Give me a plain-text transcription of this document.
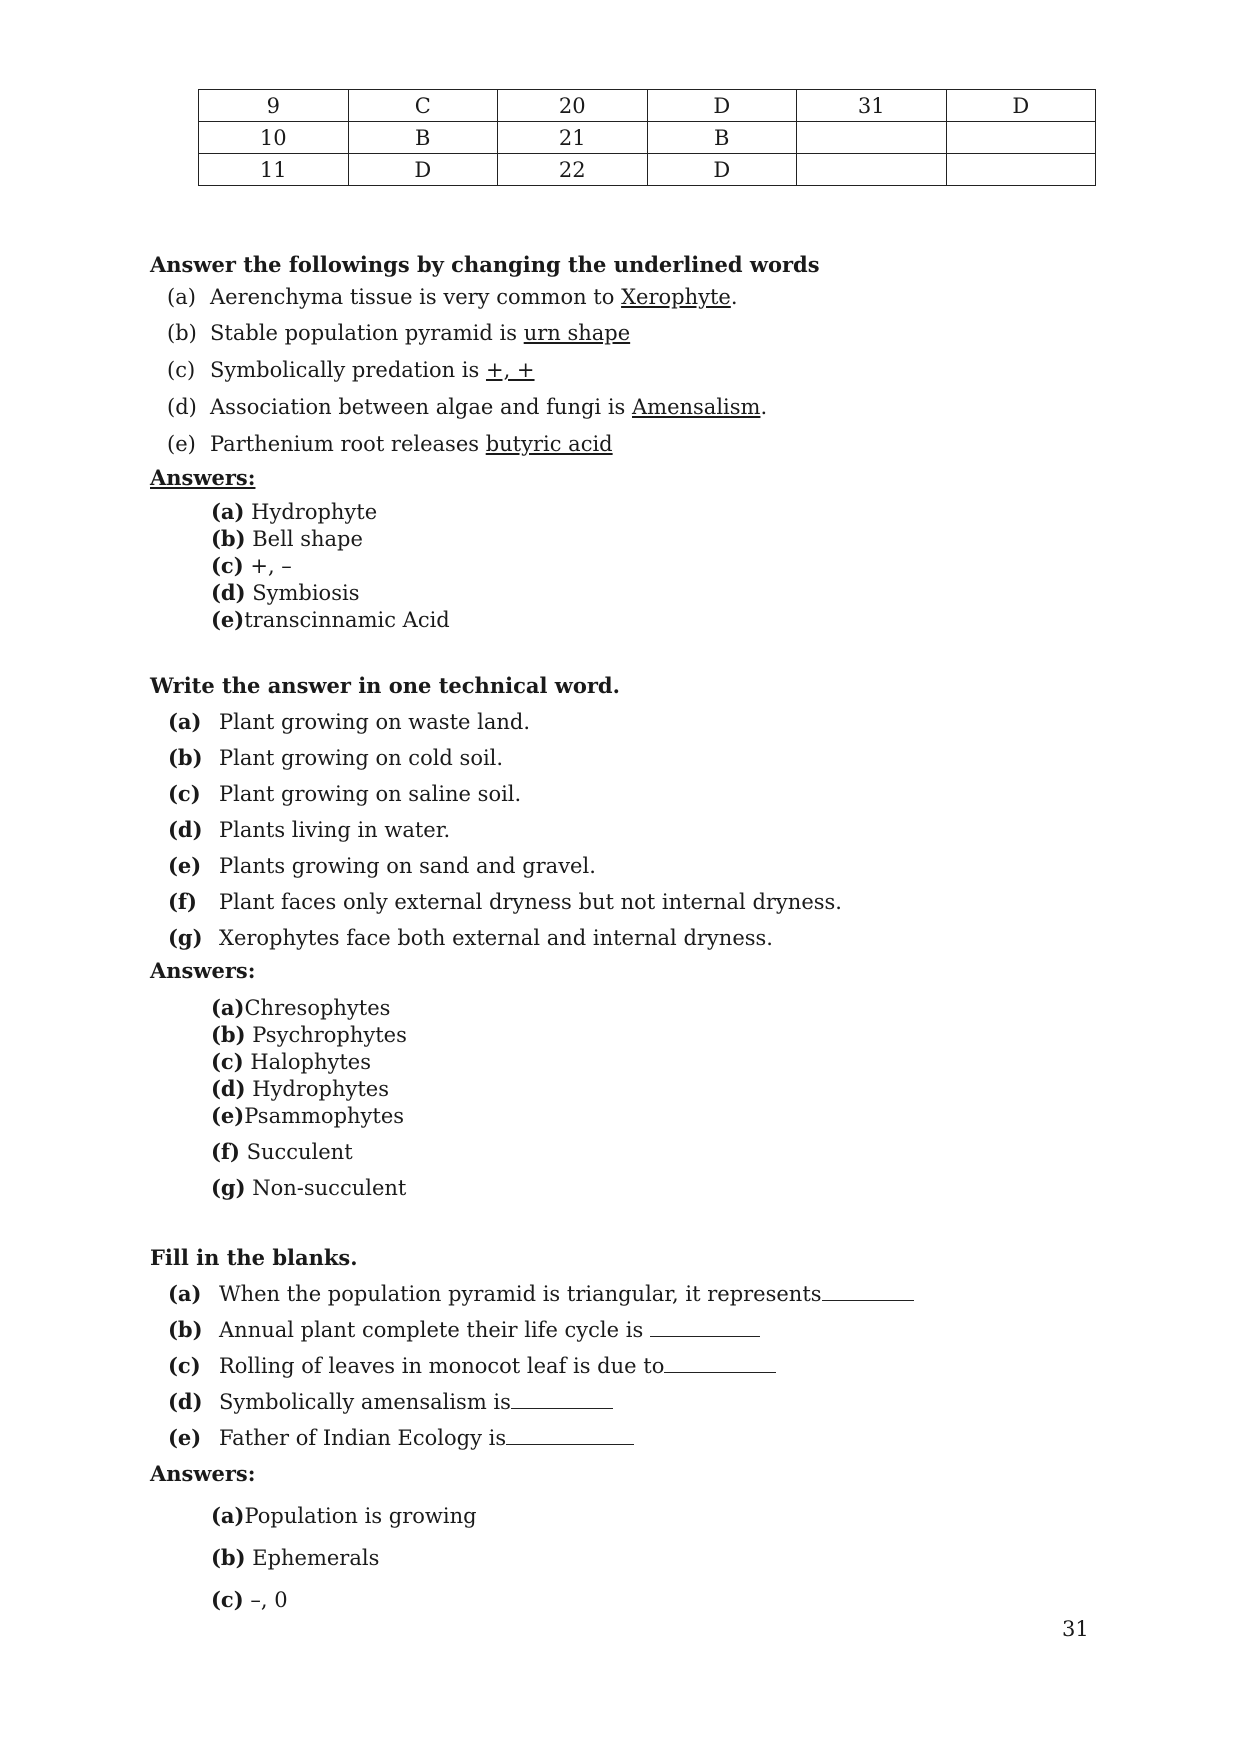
9	C	20	D	31	D
10	B	21	B		
11	D	22	D		
Answer the followings by changing the underlined words
(a) Aerenchyma tissue is very common to Xerophyte.
(b) Stable population pyramid is urn shape
(c) Symbolically predation is +, +
(d) Association between algae and fungi is Amensalism.
(e) Parthenium root releases butyric acid
Answers:
(a) Hydrophyte
(b) Bell shape
(c) +, –
(d) Symbiosis
(e)transcinnamic Acid
Write the answer in one technical word.
(a) Plant growing on waste land.
(b) Plant growing on cold soil.
(c) Plant growing on saline soil.
(d) Plants living in water.
(e) Plants growing on sand and gravel.
(f) Plant faces only external dryness but not internal dryness.
(g) Xerophytes face both external and internal dryness.
Answers:
(a)Chresophytes
(b) Psychrophytes
(c) Halophytes
(d) Hydrophytes
(e)Psammophytes
(f) Succulent
(g) Non-succulent
Fill in the blanks.
(a) When the population pyramid is triangular, it represents
(b) Annual plant complete their life cycle is
(c) Rolling of leaves in monocot leaf is due to
(d) Symbolically amensalism is
(e) Father of Indian Ecology is
Answers:
(a)Population is growing
(b) Ephemerals
(c) –, 0
31
